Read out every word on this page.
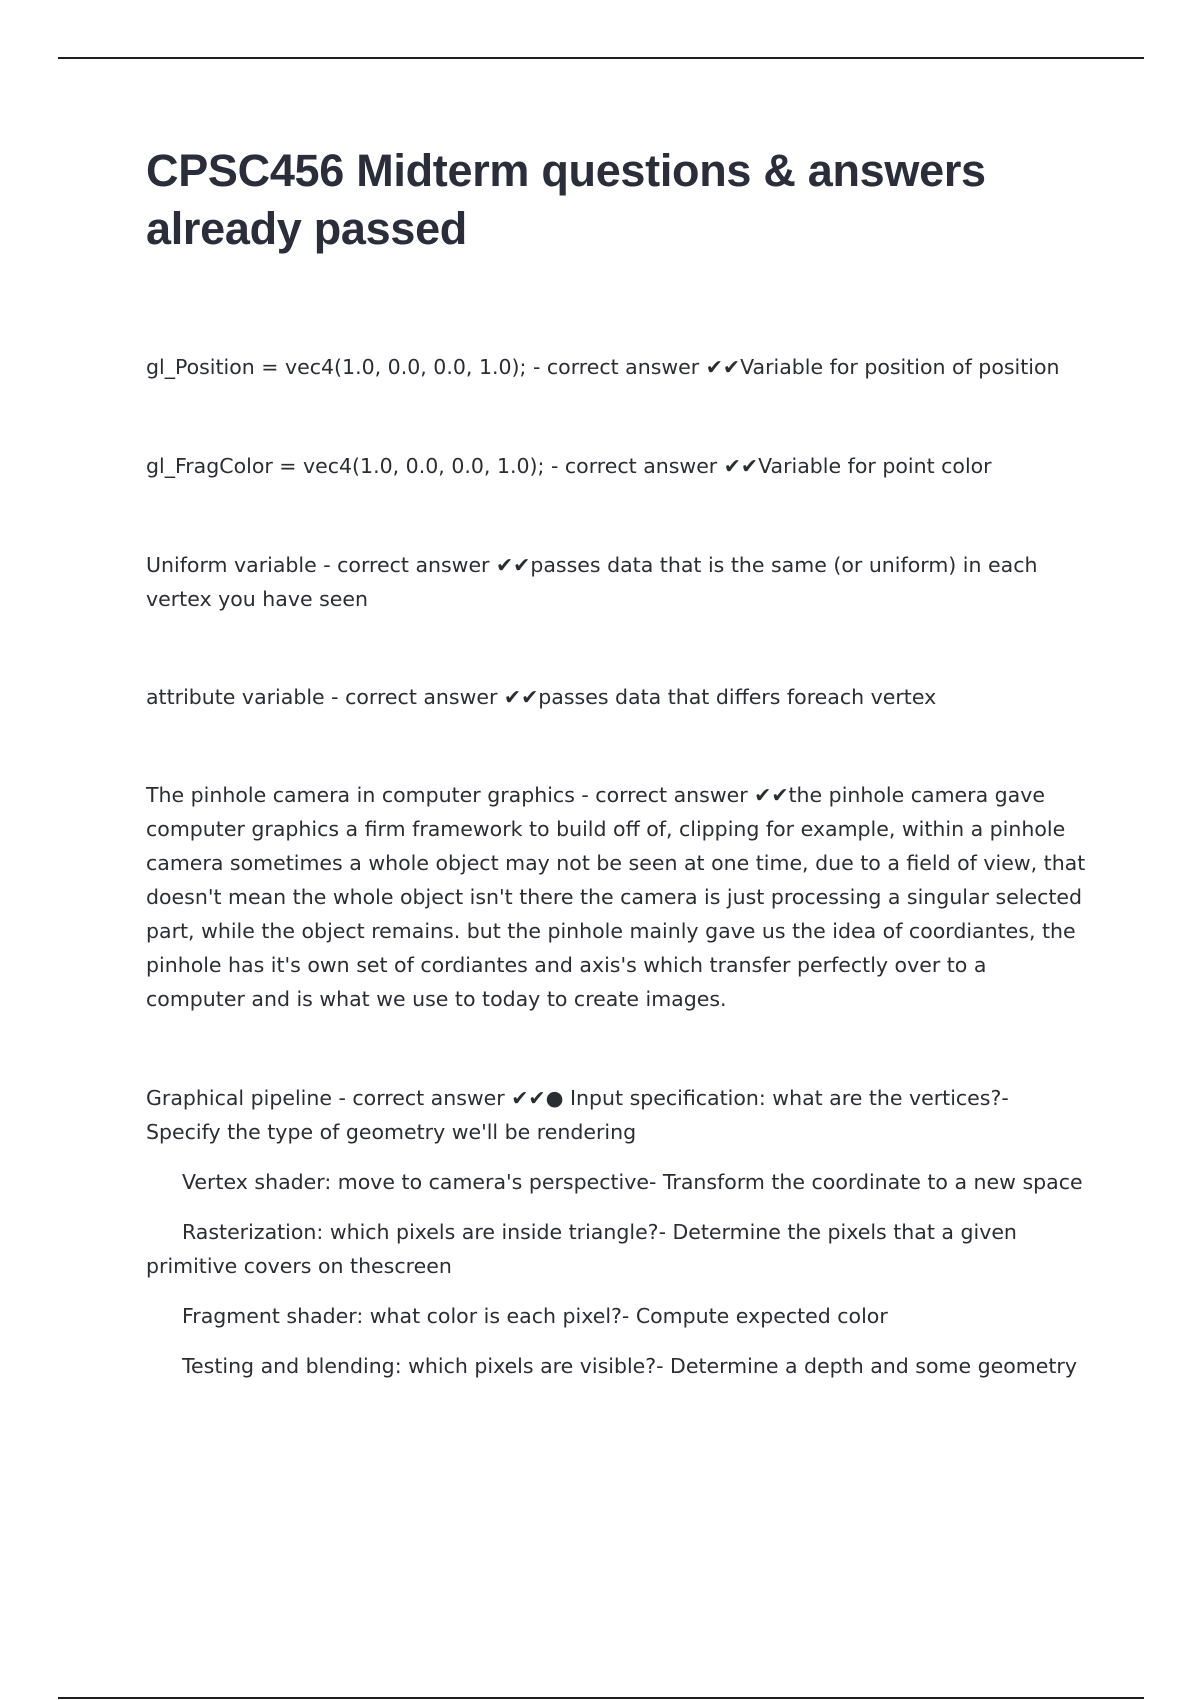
CPSC456 Midterm questions & answers already passed

gl_Position = vec4(1.0, 0.0, 0.0, 1.0); - correct answer ✔✔Variable for position of position

gl_FragColor = vec4(1.0, 0.0, 0.0, 1.0); - correct answer ✔✔Variable for point color

Uniform variable - correct answer ✔✔passes data that is the same (or uniform) in each vertex you have seen

attribute variable - correct answer ✔✔passes data that differs foreach vertex

The pinhole camera in computer graphics - correct answer ✔✔the pinhole camera gave computer graphics a firm framework to build off of, clipping for example, within a pinhole camera sometimes a whole object may not be seen at one time, due to a field of view, that doesn't mean the whole object isn't there the camera is just processing a singular selected part, while the object remains. but the pinhole mainly gave us the idea of coordiantes, the pinhole has it's own set of cordiantes and axis's which transfer perfectly over to a computer and is what we use to today to create images.

Graphical pipeline - correct answer ✔✔● Input specification: what are the vertices?- Specify the type of geometry we'll be rendering

Vertex shader: move to camera's perspective- Transform the coordinate to a new space

Rasterization: which pixels are inside triangle?- Determine the pixels that a given primitive covers on thescreen

Fragment shader: what color is each pixel?- Compute expected color

Testing and blending: which pixels are visible?- Determine a depth and some geometry
